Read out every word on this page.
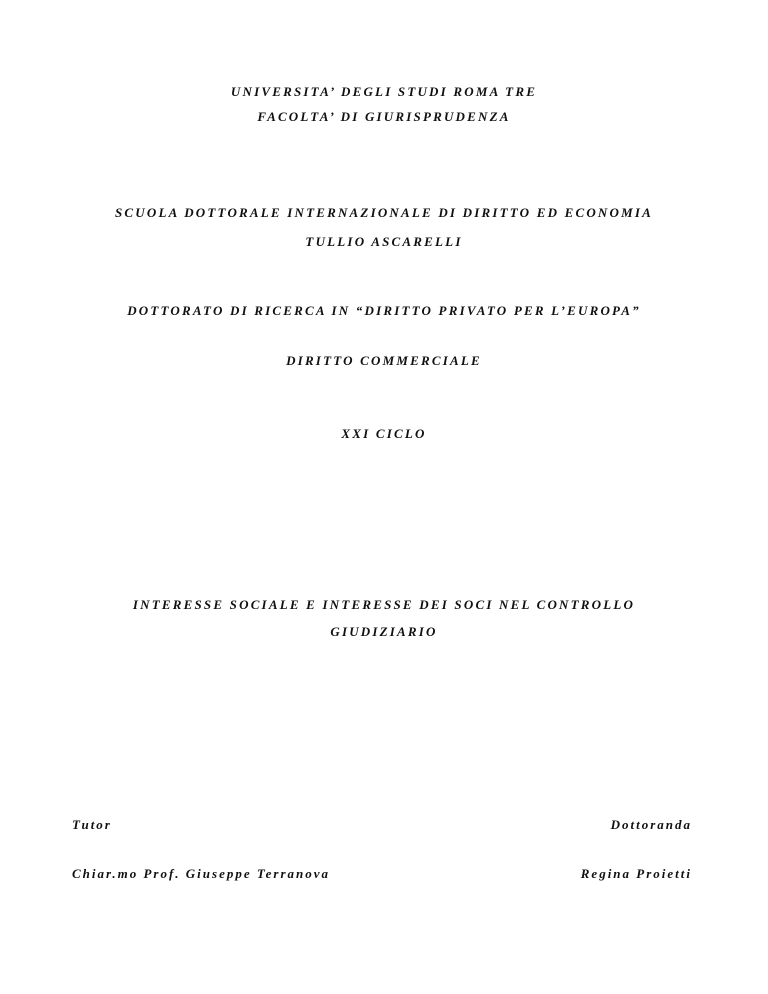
UNIVERSITA’ DEGLI STUDI ROMA TRE
FACOLTA’ DI GIURISPRUDENZA
SCUOLA DOTTORALE INTERNAZIONALE DI DIRITTO ED ECONOMIA
TULLIO ASCARELLI
DOTTORATO DI RICERCA IN “DIRITTO PRIVATO PER L’EUROPA”
DIRITTO COMMERCIALE
XXI CICLO
INTERESSE SOCIALE E INTERESSE DEI SOCI NEL CONTROLLO
GIUDIZIARIO
Tutor	Dottoranda
Chiar.mo Prof. Giuseppe Terranova	Regina Proietti
